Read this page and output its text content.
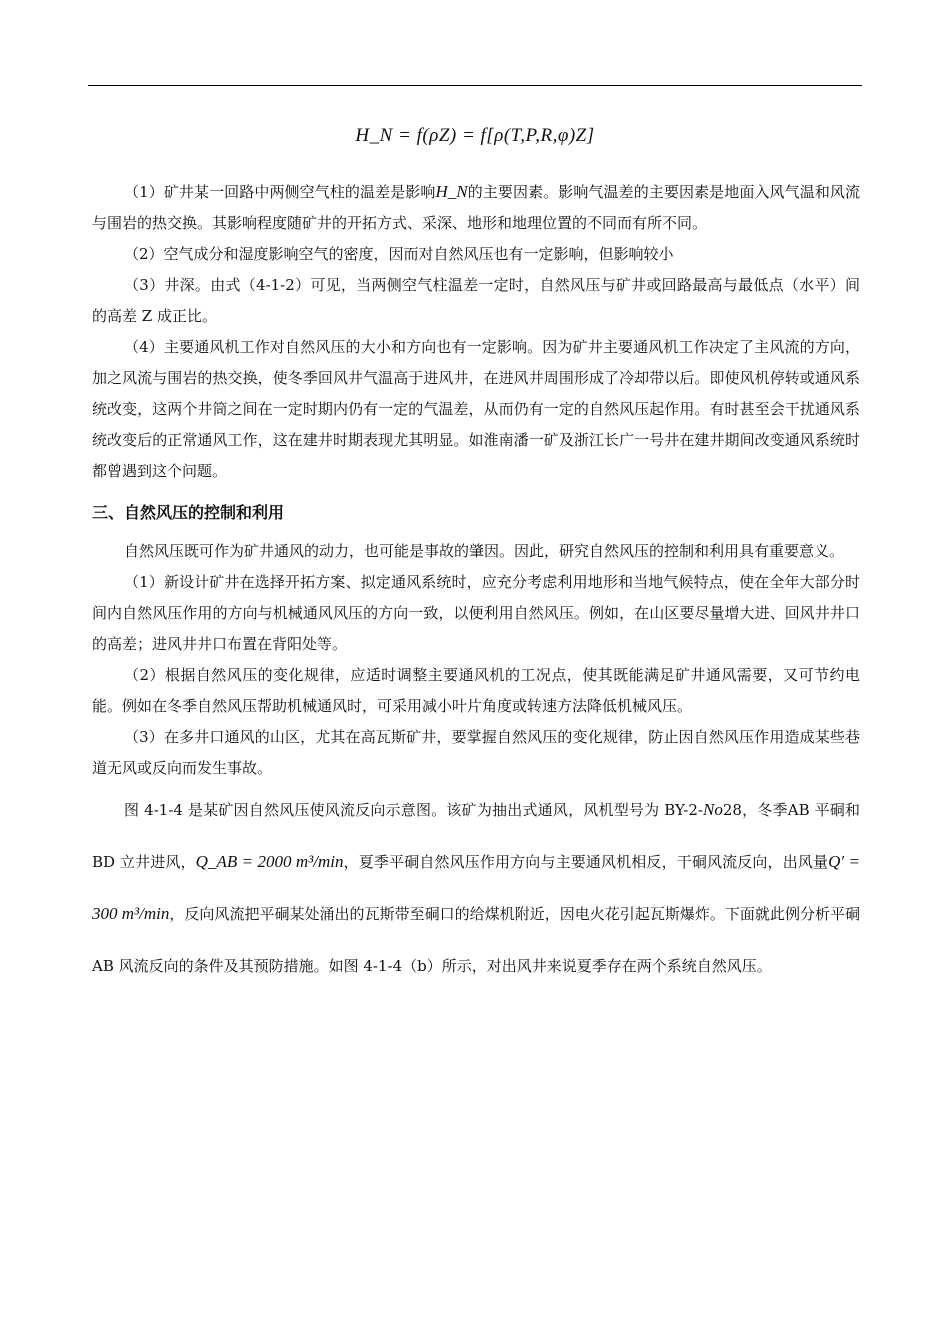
H_N = f(ρZ) = f[ρ(T,P,R,φ)Z]

（1）矿井某一回路中两侧空气柱的温差是影响H_N的主要因素。影响气温差的主要因素是地面入风气温和风流与围岩的热交换。其影响程度随矿井的开拓方式、采深、地形和地理位置的不同而有所不同。

（2）空气成分和湿度影响空气的密度，因而对自然风压也有一定影响，但影响较小

（3）井深。由式（4-1-2）可见，当两侧空气柱温差一定时，自然风压与矿井或回路最高与最低点（水平）间的高差 Z 成正比。

（4）主要通风机工作对自然风压的大小和方向也有一定影响。因为矿井主要通风机工作决定了主风流的方向，加之风流与围岩的热交换，使冬季回风井气温高于进风井，在进风井周围形成了冷却带以后。即使风机停转或通风系统改变，这两个井筒之间在一定时期内仍有一定的气温差，从而仍有一定的自然风压起作用。有时甚至会干扰通风系统改变后的正常通风工作，这在建井时期表现尤其明显。如淮南潘一矿及浙江长广一号井在建井期间改变通风系统时都曾遇到这个问题。

三、自然风压的控制和利用

自然风压既可作为矿井通风的动力，也可能是事故的肇因。因此，研究自然风压的控制和利用具有重要意义。

（1）新设计矿井在选择开拓方案、拟定通风系统时，应充分考虑利用地形和当地气候特点，使在全年大部分时间内自然风压作用的方向与机械通风风压的方向一致，以便利用自然风压。例如，在山区要尽量增大进、回风井井口的高差；进风井井口布置在背阳处等。

（2）根据自然风压的变化规律，应适时调整主要通风机的工况点，使其既能满足矿井通风需要，又可节约电能。例如在冬季自然风压帮助机械通风时，可采用减小叶片角度或转速方法降低机械风压。

（3）在多井口通风的山区，尤其在高瓦斯矿井，要掌握自然风压的变化规律，防止因自然风压作用造成某些巷道无风或反向而发生事故。

图 4-1-4 是某矿因自然风压使风流反向示意图。该矿为抽出式通风，风机型号为 BY-2-No28，冬季AB 平硐和 BD 立井进风，Q_AB = 2000 m³/min，夏季平硐自然风压作用方向与主要通风机相反，干硐风流反向，出风量Q′ = 300 m³/min，反向风流把平硐某处涌出的瓦斯带至硐口的给煤机附近，因电火花引起瓦斯爆炸。下面就此例分析平硐 AB 风流反向的条件及其预防措施。如图 4-1-4（b）所示，对出风井来说夏季存在两个系统自然风压。
